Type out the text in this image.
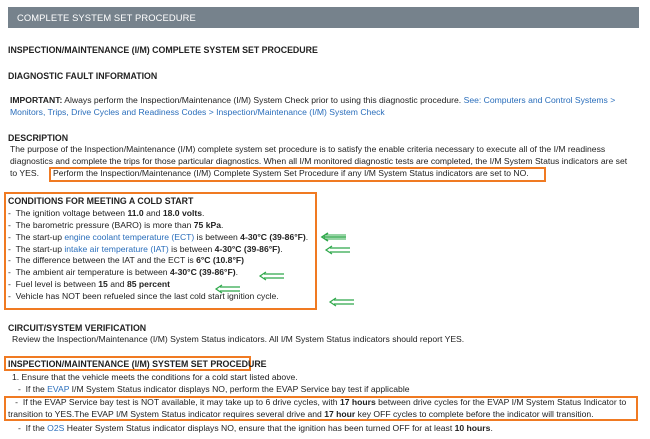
COMPLETE SYSTEM SET PROCEDURE
INSPECTION/MAINTENANCE (I/M) COMPLETE SYSTEM SET PROCEDURE
DIAGNOSTIC FAULT INFORMATION
IMPORTANT: Always perform the Inspection/Maintenance (I/M) System Check prior to using this diagnostic procedure. See: Computers and Control Systems > Monitors, Trips, Drive Cycles and Readiness Codes > Inspection/Maintenance (I/M) System Check
DESCRIPTION
The purpose of the Inspection/Maintenance (I/M) complete system set procedure is to satisfy the enable criteria necessary to execute all of the I/M readiness diagnostics and complete the trips for those particular diagnostics. When all I/M monitored diagnostic tests are completed, the I/M System Status indicators are set to YES.	Perform the Inspection/Maintenance (I/M) Complete System Set Procedure if any I/M System Status indicators are set to NO.
CONDITIONS FOR MEETING A COLD START
-  The ignition voltage between 11.0 and 18.0 volts.
-  The barometric pressure (BARO) is more than 75 kPa.
-  The start-up engine coolant temperature (ECT) is between 4-30°C (39-86°F).
-  The start-up intake air temperature (IAT) is between 4-30°C (39-86°F).
-  The difference between the IAT and the ECT is 6°C (10.8°F)
-  The ambient air temperature is between 4-30°C (39-86°F).
-  Fuel level is between 15 and 85 percent
-  Vehicle has NOT been refueled since the last cold start ignition cycle.
CIRCUIT/SYSTEM VERIFICATION
Review the Inspection/Maintenance (I/M) System Status indicators. All I/M System Status indicators should report YES.
INSPECTION/MAINTENANCE (I/M) SYSTEM SET PROCEDURE
1. Ensure that the vehicle meets the conditions for a cold start listed above.
-  If the EVAP I/M System Status indicator displays NO, perform the EVAP Service bay test if applicable
-  If the EVAP Service bay test is NOT available, it may take up to 6 drive cycles, with 17 hours between drive cycles for the EVAP I/M System Status Indicator to transition to YES.The EVAP I/M System Status indicator requires several drive and 17 hour key OFF cycles to complete before the indicator will transition.
-  If the O2S Heater System Status indicator displays NO, ensure that the ignition has been turned OFF for at least 10 hours.
